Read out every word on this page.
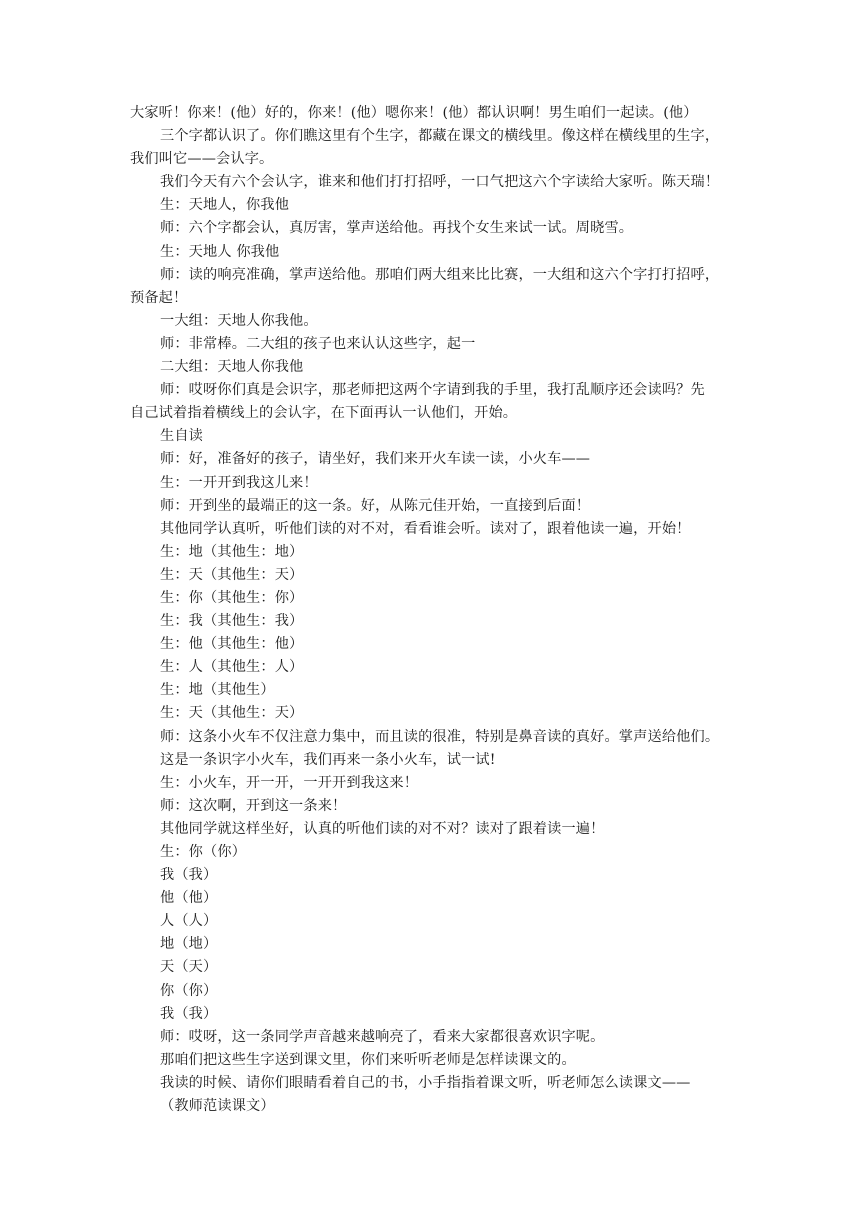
大家听！你来！(他）好的，你来！(他）嗯你来！(他）都认识啊！男生咱们一起读。(他）
三个字都认识了。你们瞧这里有个生字，都藏在课文的横线里。像这样在横线里的生字，
我们叫它——会认字。
我们今天有六个会认字，谁来和他们打打招呼，一口气把这六个字读给大家听。陈天瑞！
生：天地人，你我他
师：六个字都会认，真厉害，掌声送给他。再找个女生来试一试。周晓雪。
生：天地人 你我他
师：读的响亮准确，掌声送给他。那咱们两大组来比比赛，一大组和这六个字打打招呼，
预备起！
一大组：天地人你我他。
师：非常棒。二大组的孩子也来认认这些字，起一
二大组：天地人你我他
师：哎呀你们真是会识字，那老师把这两个字请到我的手里，我打乱顺序还会读吗？先
自己试着指着横线上的会认字，在下面再认一认他们，开始。
生自读
师：好，准备好的孩子，请坐好，我们来开火车读一读，小火车——
生：一开开到我这儿来！
师：开到坐的最端正的这一条。好，从陈元佳开始，一直接到后面！
其他同学认真听，听他们读的对不对，看看谁会听。读对了，跟着他读一遍，开始！
生：地（其他生：地）
生：天（其他生：天）
生：你（其他生：你）
生：我（其他生：我）
生：他（其他生：他）
生：人（其他生：人）
生：地（其他生）
生：天（其他生：天）
师：这条小火车不仅注意力集中，而且读的很准，特别是鼻音读的真好。掌声送给他们。
这是一条识字小火车，我们再来一条小火车，试一试!
生：小火车，开一开，一开开到我这来！
师：这次啊，开到这一条来！
其他同学就这样坐好，认真的听他们读的对不对？读对了跟着读一遍！
生：你（你）
我（我）
他（他）
人（人）
地（地）
天（天）
你（你）
我（我）
师：哎呀，这一条同学声音越来越响亮了，看来大家都很喜欢识字呢。
那咱们把这些生字送到课文里，你们来听听老师是怎样读课文的。
我读的时候、请你们眼睛看着自己的书，小手指指着课文听，听老师怎么读课文——
（教师范读课文）
